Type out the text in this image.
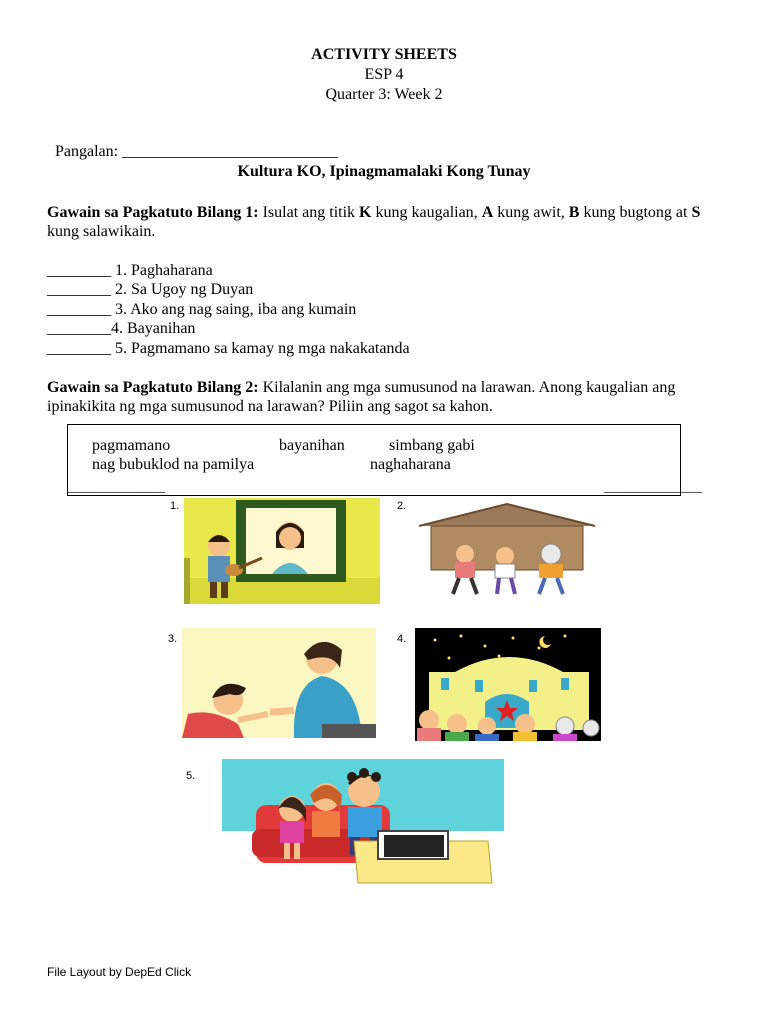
ACTIVITY SHEETS
ESP 4
Quarter 3: Week 2

Pangalan: ___________________________

Kultura KO, Ipinagmamalaki Kong Tunay
Gawain sa Pagkatuto Bilang 1: Isulat ang titik K kung kaugalian, A kung awit, B kung bugtong at S kung salawikain.
________ 1. Paghaharana
________ 2. Sa Ugoy ng Duyan
________ 3. Ako ang nag saing, iba ang kumain
________4. Bayanihan
________ 5. Pagmamano sa kamay ng mga nakakatanda
Gawain sa Pagkatuto Bilang 2: Kilalanin ang mga sumusunod na larawan. Anong kaugalian ang ipinakikita ng mga sumusunod na larawan? Piliin ang sagot sa kahon.
pagmamano	bayanihan	simbang gabi
nag bubuklod na pamilya	naghaharana
______________	______________
1.	2.
3.	4.
5.
File Layout by DepEd Click
